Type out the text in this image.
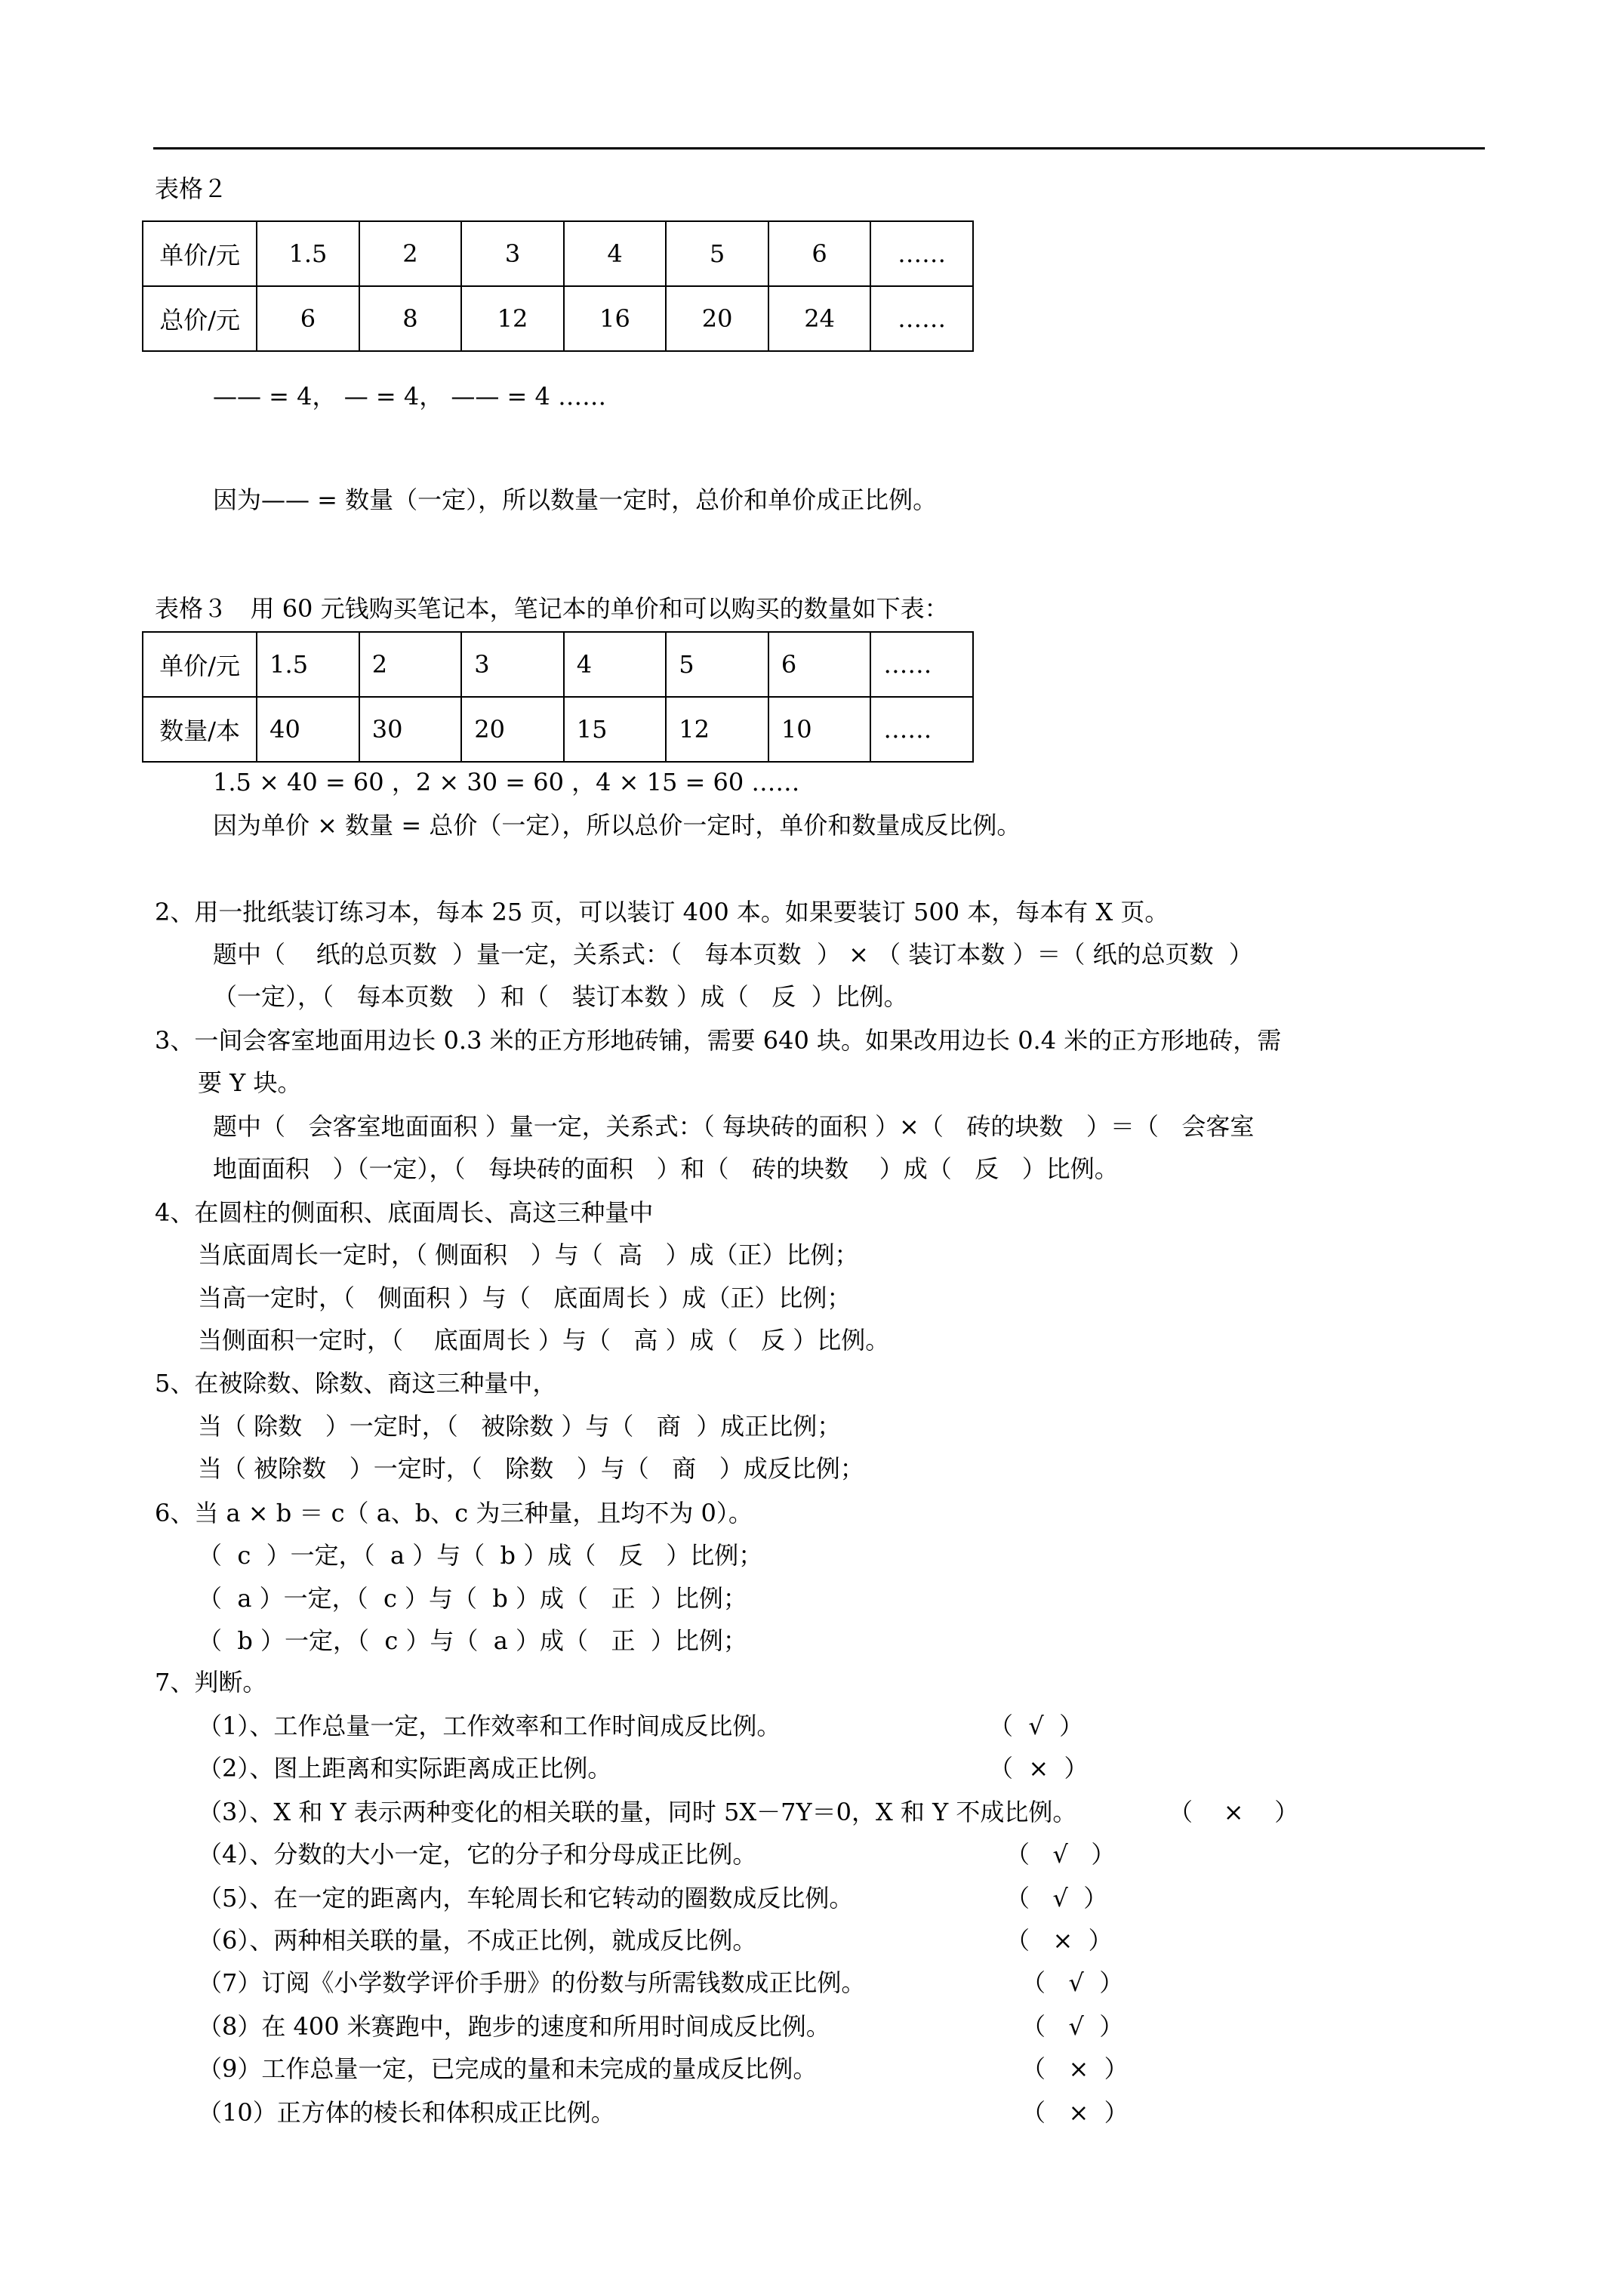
表格２
单价/元	1.5	2	3	4	5	6	……
总价/元	6	8	12	16	20	24	……
—— = 4， — = 4， —— = 4 ……
因为—— = 数量（一定），所以数量一定时，总价和单价成正比例。
表格３   用 60 元钱购买笔记本，笔记本的单价和可以购买的数量如下表：
单价/元	1.5	2	3	4	5	6	……
数量/本	40	30	20	15	12	10	……
1.5 × 40 = 60 ，2 × 30 = 60 ，4 × 15 = 60 ……
因为单价 × 数量 = 总价（一定），所以总价一定时，单价和数量成反比例。
2、用一批纸装订练习本，每本 25 页，可以装订 400 本。如果要装订 500 本，每本有 X 页。
题中（    纸的总页数  ）量一定，关系式：（   每本页数  ） × （ 装订本数 ）＝（ 纸的总页数  ）
（一定），（   每本页数   ）和（   装订本数 ）成（   反  ）比例。
3、一间会客室地面用边长 0.3 米的正方形地砖铺，需要 640 块。如果改用边长 0.4 米的正方形地砖，需
要 Y 块。
题中（   会客室地面面积 ）量一定，关系式：（ 每块砖的面积 ）×（   砖的块数   ）＝（   会客室
地面面积   ）（一定），（   每块砖的面积   ）和（   砖的块数    ）成（   反   ）比例。
4、在圆柱的侧面积、底面周长、高这三种量中
当底面周长一定时，（ 侧面积   ）与（  高   ）成（正）比例；
当高一定时，（   侧面积 ）与（   底面周长 ）成（正）比例；
当侧面积一定时，（    底面周长 ）与（   高 ）成（   反 ）比例。
5、在被除数、除数、商这三种量中，
当（ 除数   ）一定时，（   被除数 ）与（   商  ）成正比例；
当（ 被除数   ）一定时，（   除数   ）与（   商   ）成反比例；
6、当 a × b ＝ c（ a、b、c 为三种量，且均不为 0）。
（  c  ）一定，（  a ）与（  b ）成（   反   ）比例；
（  a ）一定，（  c ）与（  b ）成（   正  ）比例；
（  b ）一定，（  c ）与（  a ）成（   正  ）比例；
7、判断。
（1）、工作总量一定，工作效率和工作时间成反比例。	（  √  ）
（2）、图上距离和实际距离成正比例。	（  ×  ）
（3）、X 和 Y 表示两种变化的相关联的量，同时 5X－7Y＝0，X 和 Y 不成比例。	（    ×    ）
（4）、分数的大小一定，它的分子和分母成正比例。	（   √   ）
（5）、在一定的距离内，车轮周长和它转动的圈数成反比例。	（   √  ）
（6）、两种相关联的量，不成正比例，就成反比例。	（   ×  ）
（7）订阅《小学数学评价手册》的份数与所需钱数成正比例。	（   √  ）
（8）在 400 米赛跑中，跑步的速度和所用时间成反比例。	（   √  ）
（9）工作总量一定，已完成的量和未完成的量成反比例。	（   ×  ）
（10）正方体的棱长和体积成正比例。	（   ×  ）
